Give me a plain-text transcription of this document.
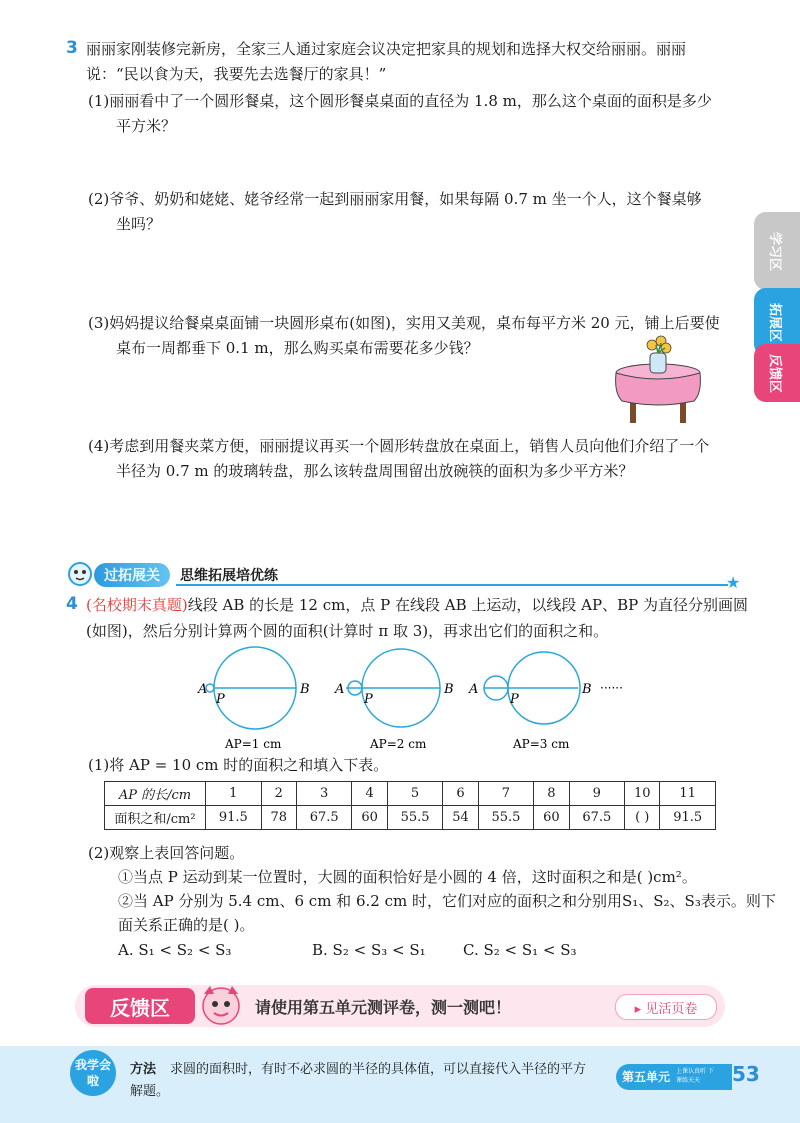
3 丽丽家刚装修完新房，全家三人通过家庭会议决定把家具的规划和选择大权交给丽丽。丽丽
说：“民以食为天，我要先去选餐厅的家具！”
(1)丽丽看中了一个圆形餐桌，这个圆形餐桌桌面的直径为 1.8 m，那么这个桌面的面积是多少
平方米？
(2)爷爷、奶奶和姥姥、姥爷经常一起到丽丽家用餐，如果每隔 0.7 m 坐一个人，这个餐桌够
坐吗？
(3)妈妈提议给餐桌桌面铺一块圆形桌布(如图)，实用又美观，桌布每平方米 20 元，铺上后要使
桌布一周都垂下 0.1 m，那么购买桌布需要花多少钱？
(4)考虑到用餐夹菜方便，丽丽提议再买一个圆形转盘放在桌面上，销售人员向他们介绍了一个
半径为 0.7 m 的玻璃转盘，那么该转盘周围留出放碗筷的面积为多少平方米？
学习区
拓展区
反馈区
过拓展关	思维拓展培优练	★
4 (名校期末真题)线段 AB 的长是 12 cm，点 P 在线段 AB 上运动，以线段 AP、BP 为直径分别画圆
(如图)，然后分别计算两个圆的面积(计算时 π 取 3)，再求出它们的面积之和。
A
P
B
AP=1 cm
A
P
B
AP=2 cm
A
P
B
AP=3 cm
······
(1)将 AP = 10 cm 时的面积之和填入下表。
AP 的长/cm	1	2	3	4	5	6	7	8	9	10	11
面积之和/cm²	91.5	78	67.5	60	55.5	54	55.5	60	67.5	( )	91.5
(2)观察上表回答问题。
①当点 P 运动到某一位置时，大圆的面积恰好是小圆的 4 倍，这时面积之和是( )cm²。
②当 AP 分别为 5.4 cm、6 cm 和 6.2 cm 时，它们对应的面积之和分别用S₁、S₂、S₃表示。则下
面关系正确的是( )。
A. S₁ < S₂ < S₃	B. S₂ < S₃ < S₁ C. S₂ < S₁ < S₃
反馈区	请使用第五单元测评卷，测一测吧！	▸ 见活页卷
我学会啦
方法 求圆的面积时，有时不必求圆的半径的具体值，可以直接代入半径的平方
解题。
第五单元 上课认真听 下课练天天	53
